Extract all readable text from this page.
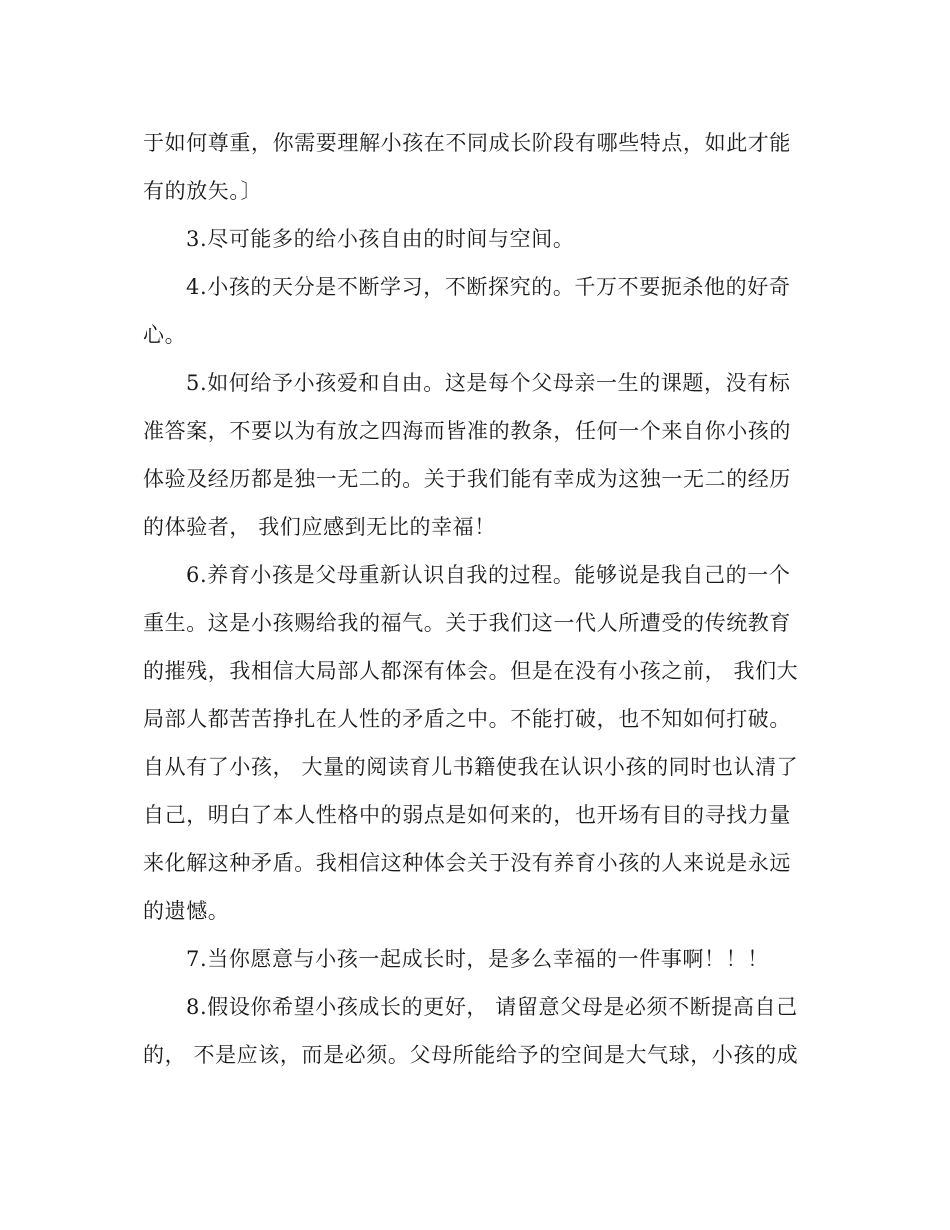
于如何尊重，你需要理解小孩在不同成长阶段有哪些特点，如此才能
有的放矢。〕
3.尽可能多的给小孩自由的时间与空间。
4.小孩的天分是不断学习，不断探究的。千万不要扼杀他的好奇
心。
5.如何给予小孩爱和自由。这是每个父母亲一生的课题，没有标
准答案，不要以为有放之四海而皆准的教条，任何一个来自你小孩的
体验及经历都是独一无二的。关于我们能有幸成为这独一无二的经历
的体验者， 我们应感到无比的幸福！
6.养育小孩是父母重新认识自我的过程。能够说是我自己的一个
重生。这是小孩赐给我的福气。关于我们这一代人所遭受的传统教育
的摧残，我相信大局部人都深有体会。但是在没有小孩之前， 我们大
局部人都苦苦挣扎在人性的矛盾之中。不能打破，也不知如何打破。
自从有了小孩， 大量的阅读育儿书籍使我在认识小孩的同时也认清了
自己，明白了本人性格中的弱点是如何来的，也开场有目的寻找力量
来化解这种矛盾。我相信这种体会关于没有养育小孩的人来说是永远
的遗憾。
7.当你愿意与小孩一起成长时，是多么幸福的一件事啊！！！
8.假设你希望小孩成长的更好， 请留意父母是必须不断提高自己
的， 不是应该，而是必须。父母所能给予的空间是大气球，小孩的成
